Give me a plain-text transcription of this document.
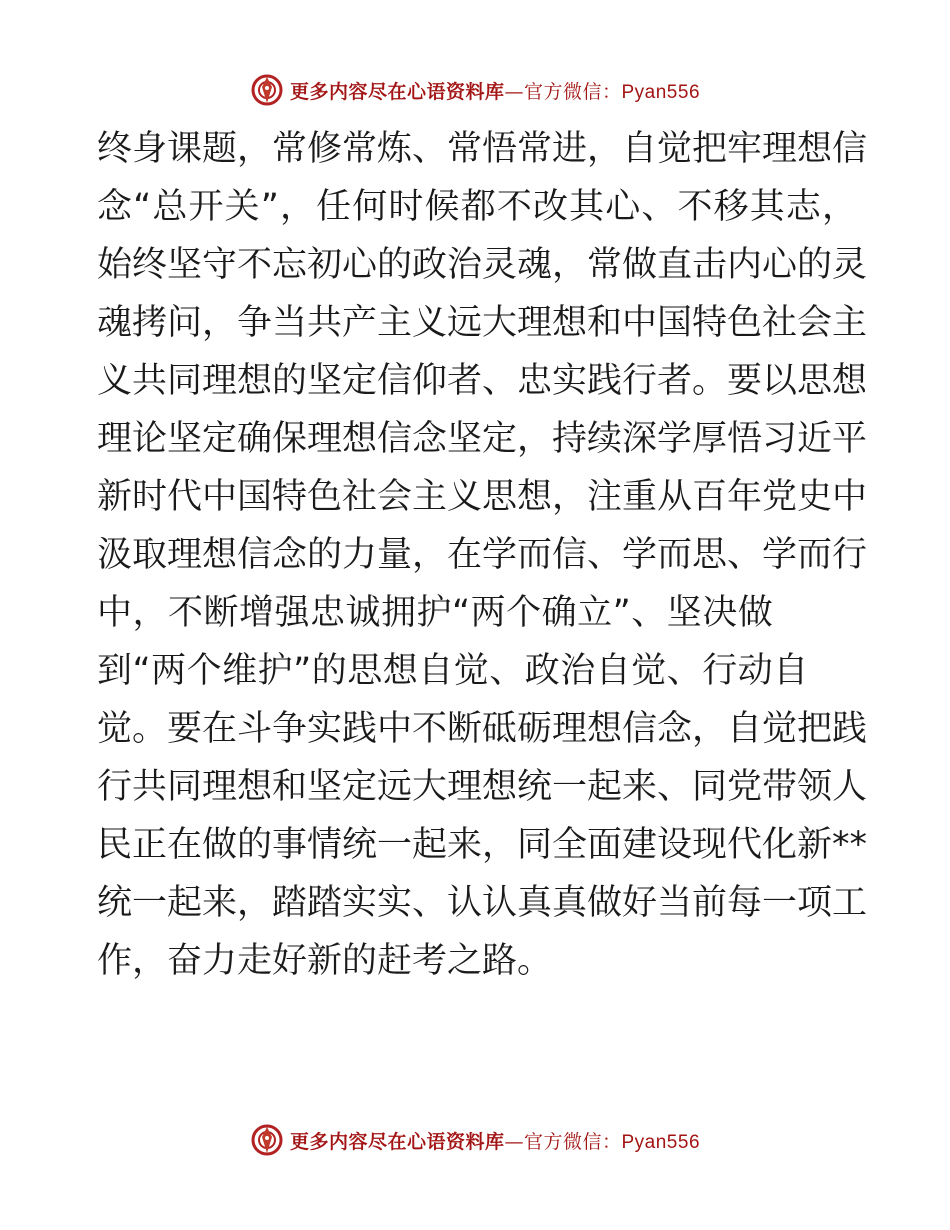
更多内容尽在心语资料库—官方微信：Pyan556
终身课题，常修常炼、常悟常进，自觉把牢理想信
念“总开关”，任何时候都不改其心、不移其志，
始终坚守不忘初心的政治灵魂，常做直击内心的灵
魂拷问，争当共产主义远大理想和中国特色社会主
义共同理想的坚定信仰者、忠实践行者。要以思想
理论坚定确保理想信念坚定，持续深学厚悟习近平
新时代中国特色社会主义思想，注重从百年党史中
汲取理想信念的力量，在学而信、学而思、学而行
中，不断增强忠诚拥护“两个确立”、坚决做
到“两个维护”的思想自觉、政治自觉、行动自
觉。要在斗争实践中不断砥砺理想信念，自觉把践
行共同理想和坚定远大理想统一起来、同党带领人
民正在做的事情统一起来，同全面建设现代化新**
统一起来，踏踏实实、认认真真做好当前每一项工
作，奋力走好新的赶考之路。
更多内容尽在心语资料库—官方微信：Pyan556
